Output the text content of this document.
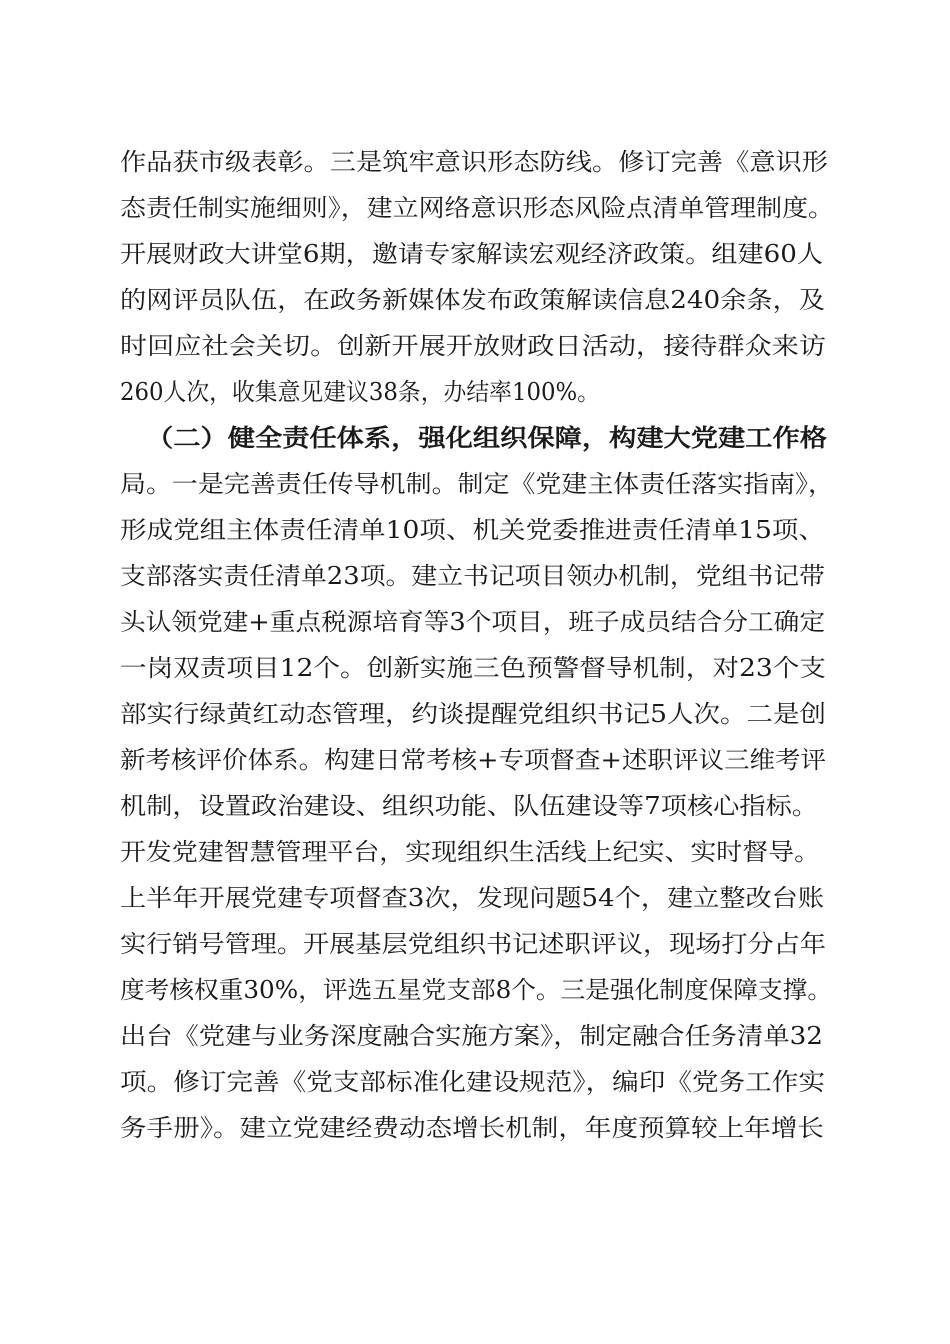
作品获市级表彰。三是筑牢意识形态防线。修订完善《意识形
态责任制实施细则》，建立网络意识形态风险点清单管理制度。
开展财政大讲堂6期，邀请专家解读宏观经济政策。组建60人
的网评员队伍，在政务新媒体发布政策解读信息240余条，及
时回应社会关切。创新开展开放财政日活动，接待群众来访
260人次，收集意见建议38条，办结率100%。
（二）健全责任体系，强化组织保障，构建大党建工作格
局。一是完善责任传导机制。制定《党建主体责任落实指南》，
形成党组主体责任清单10项、机关党委推进责任清单15项、
支部落实责任清单23项。建立书记项目领办机制，党组书记带
头认领党建+重点税源培育等3个项目，班子成员结合分工确定
一岗双责项目12个。创新实施三色预警督导机制，对23个支
部实行绿黄红动态管理，约谈提醒党组织书记5人次。二是创
新考核评价体系。构建日常考核+专项督查+述职评议三维考评
机制，设置政治建设、组织功能、队伍建设等7项核心指标。
开发党建智慧管理平台，实现组织生活线上纪实、实时督导。
上半年开展党建专项督查3次，发现问题54个，建立整改台账
实行销号管理。开展基层党组织书记述职评议，现场打分占年
度考核权重30%，评选五星党支部8个。三是强化制度保障支撑。
出台《党建与业务深度融合实施方案》，制定融合任务清单32
项。修订完善《党支部标准化建设规范》，编印《党务工作实
务手册》。建立党建经费动态增长机制，年度预算较上年增长
